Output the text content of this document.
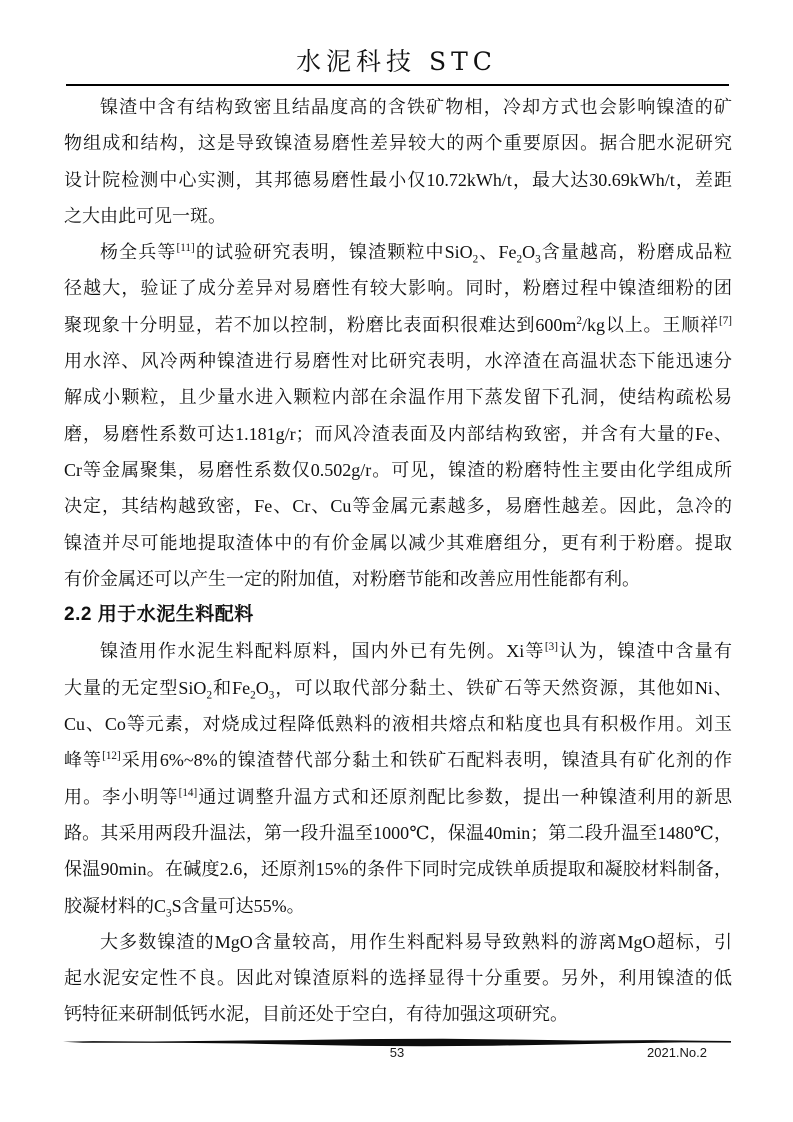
水泥科技 STC
镍渣中含有结构致密且结晶度高的含铁矿物相，冷却方式也会影响镍渣的矿
物组成和结构，这是导致镍渣易磨性差异较大的两个重要原因。据合肥水泥研究
设计院检测中心实测，其邦德易磨性最小仅10.72kWh/t，最大达30.69kWh/t，差距
之大由此可见一斑。
杨全兵等[11]的试验研究表明，镍渣颗粒中SiO$_2$、$Fe_2O_3$含量越高，粉磨成品粒
径越大，验证了成分差异对易磨性有较大影响。同时，粉磨过程中镍渣细粉的团
聚现象十分明显，若不加以控制，粉磨比表面积很难达到$600m^2/kg$以上。王顺祥[7]
用水淬、风冷两种镍渣进行易磨性对比研究表明，水淬渣在高温状态下能迅速分
解成小颗粒，且少量水进入颗粒内部在余温作用下蒸发留下孔洞，使结构疏松易
磨，易磨性系数可达1.181g/r；而风冷渣表面及内部结构致密，并含有大量的Fe、
Cr等金属聚集，易磨性系数仅0.502g/r。可见，镍渣的粉磨特性主要由化学组成所
决定，其结构越致密，Fe、Cr、Cu等金属元素越多，易磨性越差。因此，急冷的
镍渣并尽可能地提取渣体中的有价金属以减少其难磨组分，更有利于粉磨。提取
有价金属还可以产生一定的附加值，对粉磨节能和改善应用性能都有利。
2.2 用于水泥生料配料
镍渣用作水泥生料配料原料，国内外已有先例。Xi等[3]认为，镍渣中含量有
大量的无定型SiO$_2$和$Fe_2O_3$，可以取代部分黏土、铁矿石等天然资源，其他如Ni、
Cu、Co等元素，对烧成过程降低熟料的液相共熔点和粘度也具有积极作用。刘玉
峰等[12]采用6%~8%的镍渣替代部分黏土和铁矿石配料表明，镍渣具有矿化剂的作
用。李小明等[14]通过调整升温方式和还原剂配比参数，提出一种镍渣利用的新思
路。其采用两段升温法，第一段升温至1000℃，保温40min；第二段升温至1480℃，
保温90min。在碱度2.6，还原剂15%的条件下同时完成铁单质提取和凝胶材料制备，
胶凝材料的$C_3S$含量可达55%。
大多数镍渣的MgO含量较高，用作生料配料易导致熟料的游离MgO超标，引
起水泥安定性不良。因此对镍渣原料的选择显得十分重要。另外，利用镍渣的低
钙特征来研制低钙水泥，目前还处于空白，有待加强这项研究。
53	2021.No.2
